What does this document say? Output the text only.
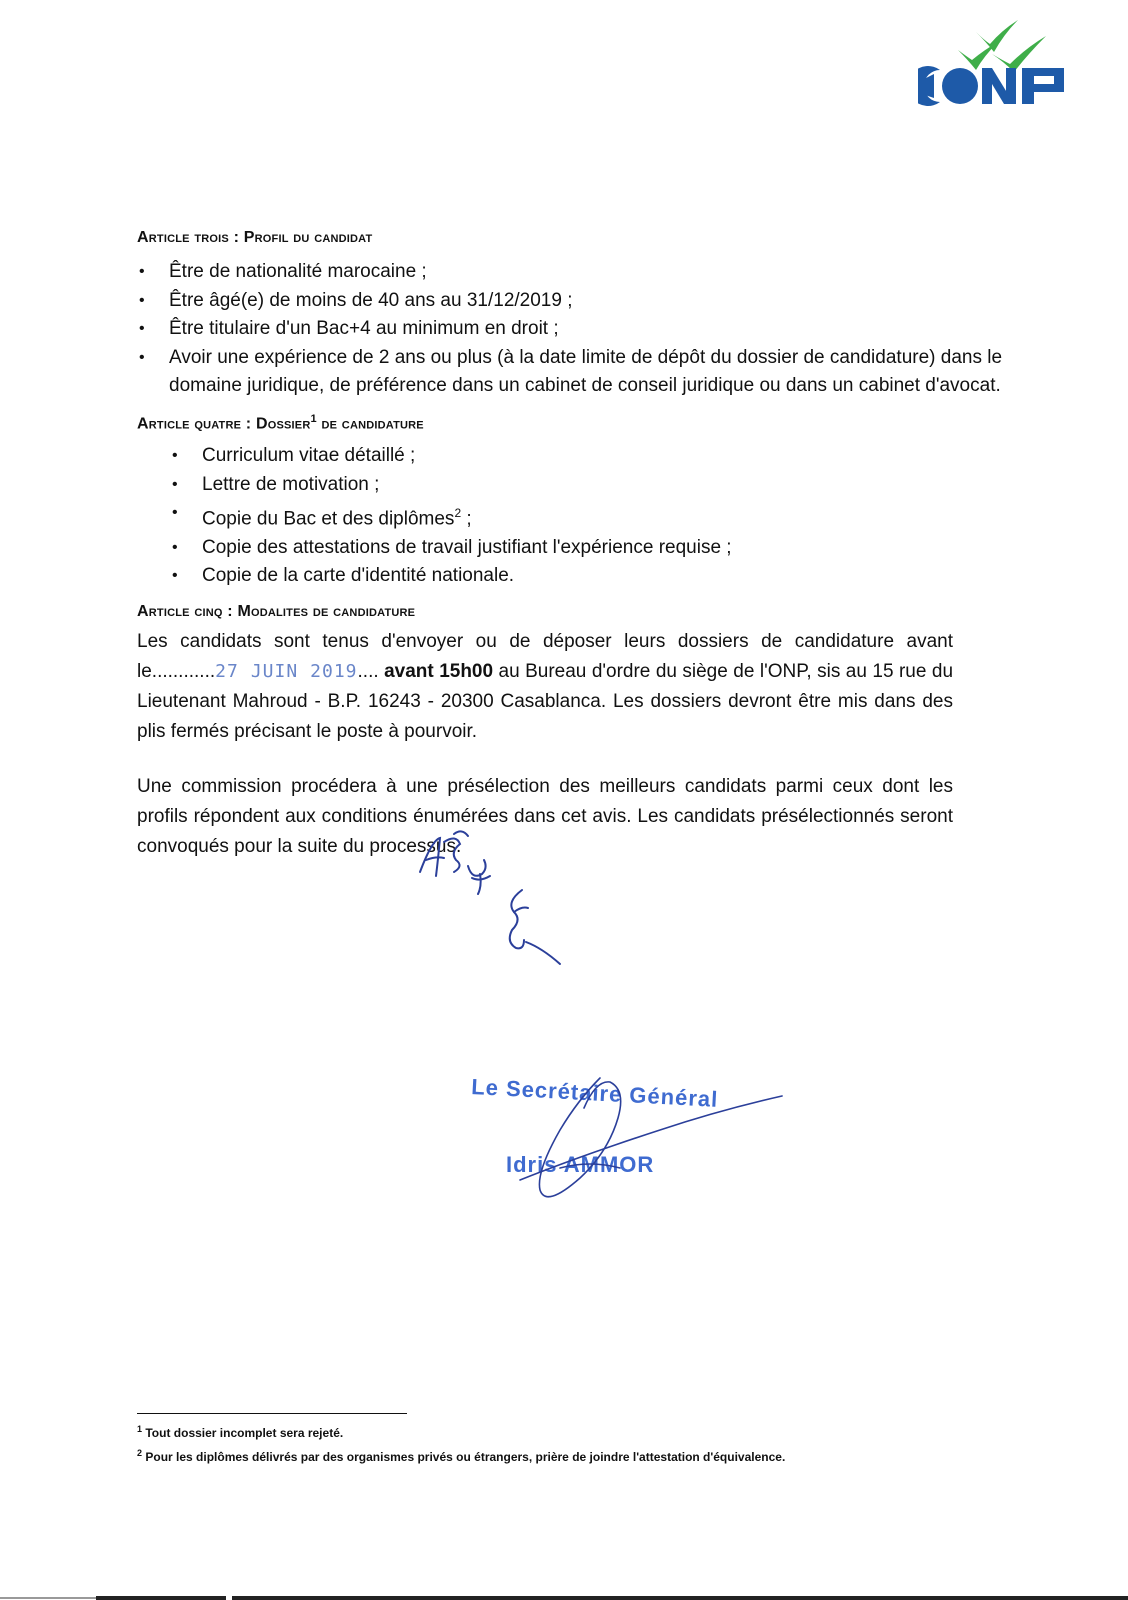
Article trois : Profil du candidat
• Être de nationalité marocaine ;
• Être âgé(e) de moins de 40 ans au 31/12/2019 ;
• Être titulaire d'un Bac+4 au minimum en droit ;
• Avoir une expérience de 2 ans ou plus (à la date limite de dépôt du dossier de candidature) dans le domaine juridique, de préférence dans un cabinet de conseil juridique ou dans un cabinet d'avocat.
Article quatre : Dossier$^1$ de candidature
• Curriculum vitae détaillé ;
• Lettre de motivation ;
• Copie du Bac et des diplômes$^2$ ;
• Copie des attestations de travail justifiant l'expérience requise ;
• Copie de la carte d'identité nationale.
Article cinq : Modalites de candidature
Les candidats sont tenus d'envoyer ou de déposer leurs dossiers de candidature avant le............27 JUIN 2019.... avant 15h00 au Bureau d'ordre du siège de l'ONP, sis au 15 rue du Lieutenant Mahroud - B.P. 16243 - 20300 Casablanca. Les dossiers devront être mis dans des plis fermés précisant le poste à pourvoir.
Une commission procédera à une présélection des meilleurs candidats parmi ceux dont les profils répondent aux conditions énumérées dans cet avis. Les candidats présélectionnés seront convoqués pour la suite du processus.
Le Secrétaire Général
Idris AMMOR
$^1$ Tout dossier incomplet sera rejeté.
$^2$ Pour les diplômes délivrés par des organismes privés ou étrangers, prière de joindre l'attestation d'équivalence.
